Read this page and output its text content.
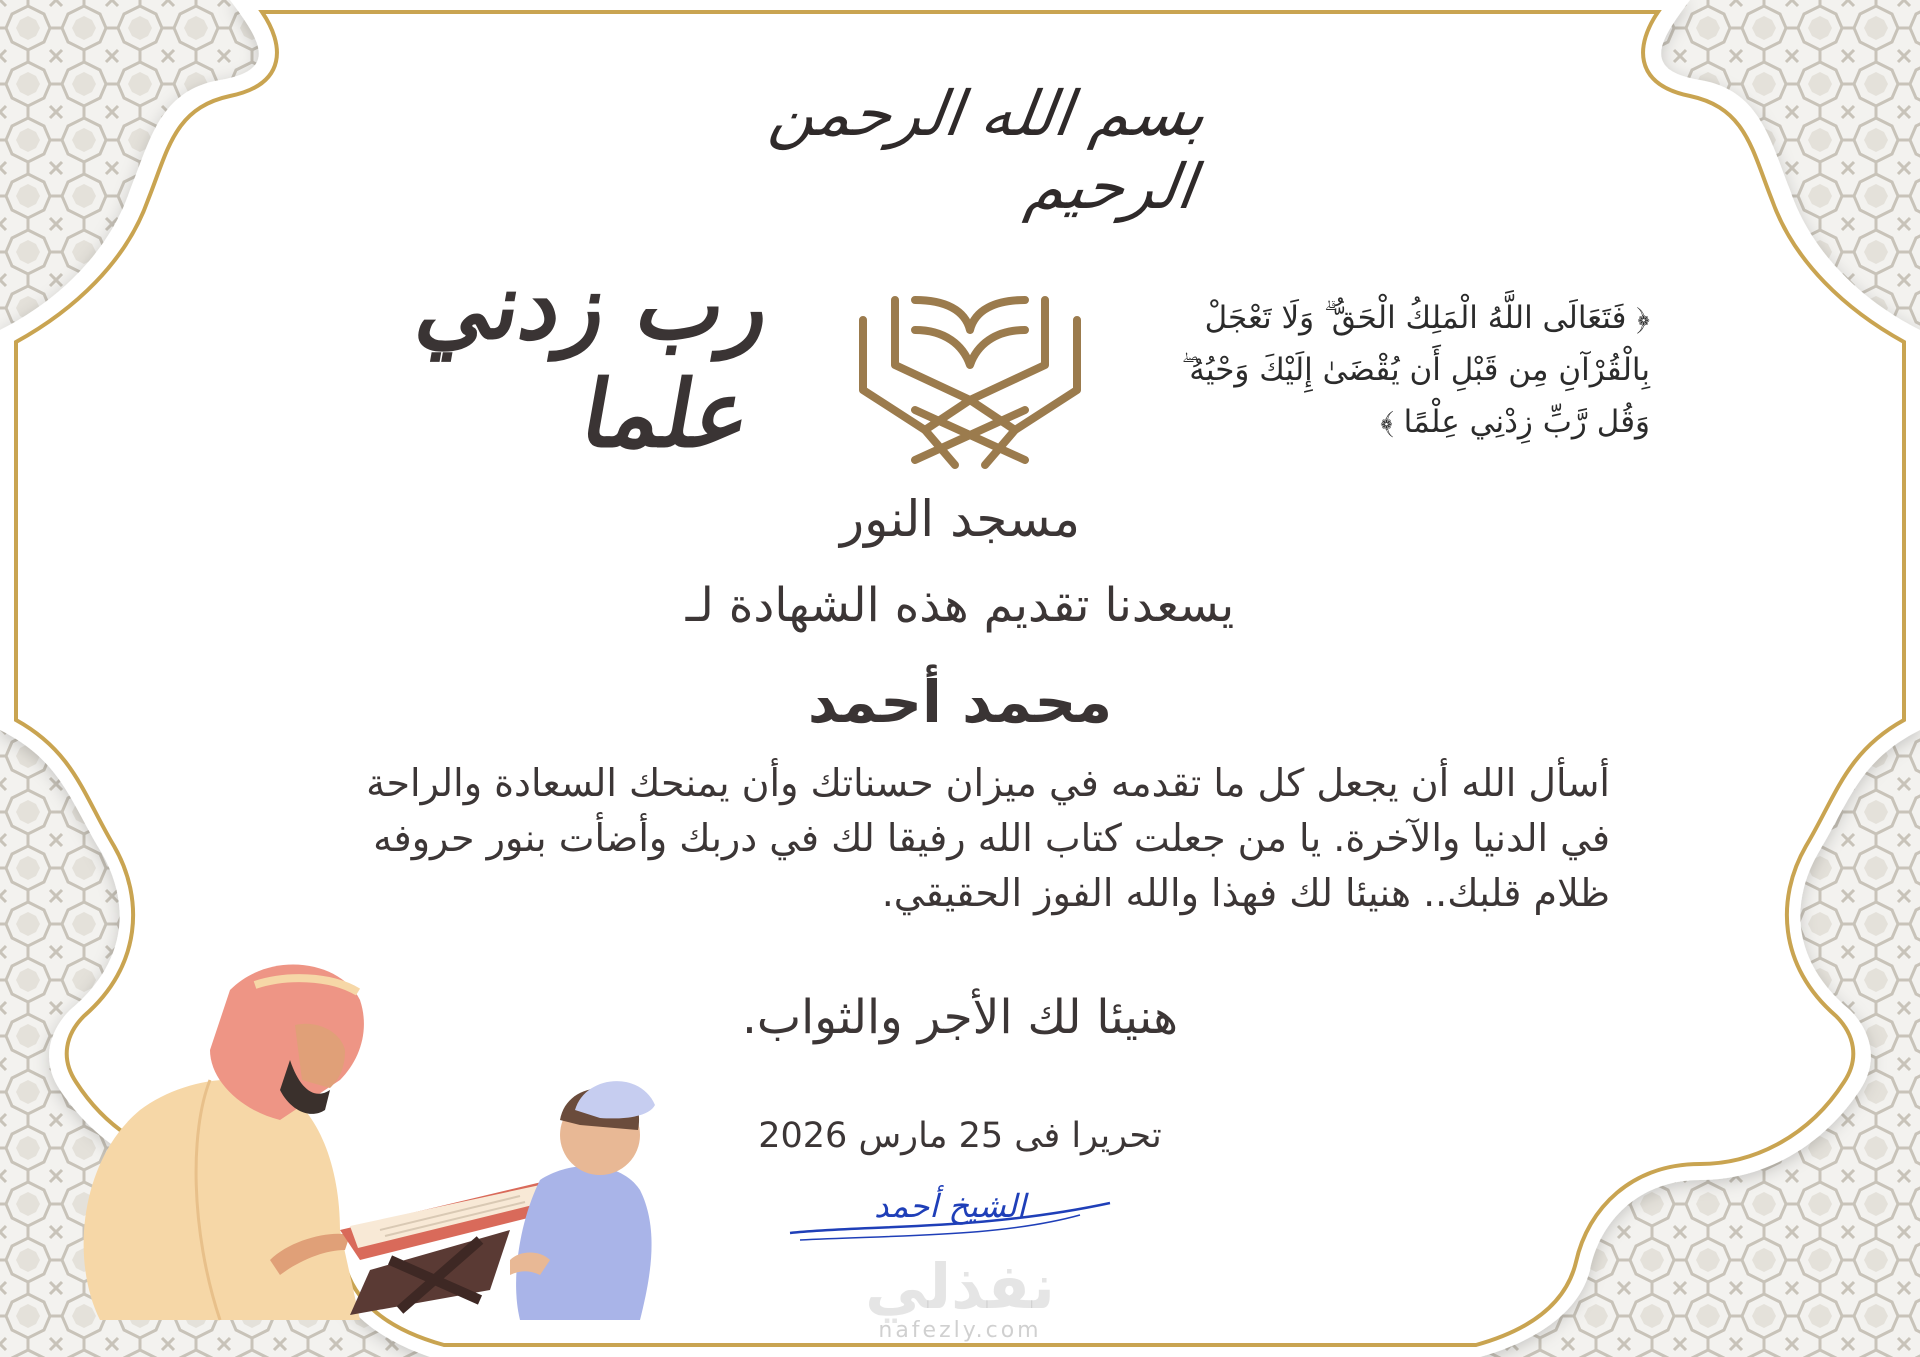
بسم الله الرحمن الرحيم
﴿ فَتَعَالَى اللَّهُ الْمَلِكُ الْحَقُّ ۗ وَلَا تَعْجَلْ بِالْقُرْآنِ مِن قَبْلِ أَن يُقْضَىٰ إِلَيْكَ وَحْيُهُ ۖ وَقُل رَّبِّ زِدْنِي عِلْمًا ﴾
رب زدني علما
مسجد النور
يسعدنا تقديم هذه الشهادة لـ
محمد أحمد
أسأل الله أن يجعل كل ما تقدمه في ميزان حسناتك وأن يمنحك السعادة والراحة في الدنيا والآخرة. يا من جعلت كتاب الله رفيقا لك في دربك وأضأت بنور حروفه ظلام قلبك.. هنيئا لك فهذا والله الفوز الحقيقي.
هنيئا لك الأجر والثواب.
تحريرا فى 25 مارس 2026
الشيخ أحمد
نفذلي
nafezly.com
